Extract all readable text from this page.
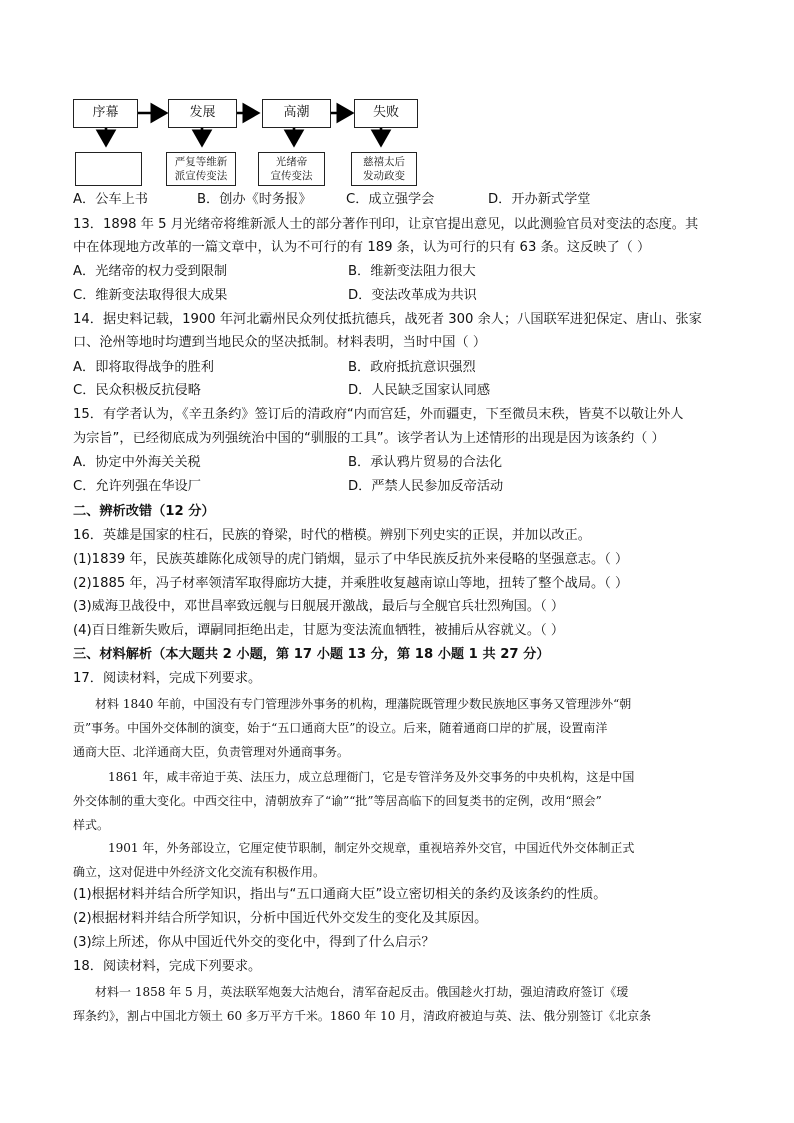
序幕	发展	高潮	失败
严复等维新
派宣传变法
光绪帝
宣传变法
慈禧太后
发动政变
A．公车上书	B．创办《时务报》	C．成立强学会	D．开办新式学堂
13．1898 年 5 月光绪帝将维新派人士的部分著作刊印，让京官提出意见，以此测验官员对变法的态度。其
中在体现地方改革的一篇文章中，认为不可行的有 189 条，认为可行的只有 63 条。这反映了（ ）
A．光绪帝的权力受到限制	B．维新变法阻力很大
C．维新变法取得很大成果	D．变法改革成为共识
14．据史料记载，1900 年河北霸州民众列仗抵抗德兵，战死者 300 余人；八国联军进犯保定、唐山、张家
口、沧州等地时均遭到当地民众的坚决抵制。材料表明，当时中国（ ）
A．即将取得战争的胜利	B．政府抵抗意识强烈
C．民众积极反抗侵略	D．人民缺乏国家认同感
15．有学者认为，《辛丑条约》签订后的清政府“内而宫廷，外而疆吏，下至微员末秩，皆莫不以敬让外人
为宗旨”，已经彻底成为列强统治中国的“驯服的工具”。该学者认为上述情形的出现是因为该条约（ ）
A．协定中外海关关税	B．承认鸦片贸易的合法化
C．允许列强在华设厂	D．严禁人民参加反帝活动
二、辨析改错（12 分）
16．英雄是国家的柱石，民族的脊梁，时代的楷模。辨别下列史实的正误，并加以改正。
(1)1839 年，民族英雄陈化成领导的虎门销烟，显示了中华民族反抗外来侵略的坚强意志。（ ）
(2)1885 年，冯子材率领清军取得廊坊大捷，并乘胜收复越南谅山等地，扭转了整个战局。（ ）
(3)威海卫战役中，邓世昌率致远舰与日舰展开激战，最后与全舰官兵壮烈殉国。（ ）
(4)百日维新失败后，谭嗣同拒绝出走，甘愿为变法流血牺牲，被捕后从容就义。（ ）
三、材料解析（本大题共 2 小题，第 17 小题 13 分，第 18 小题 1 共 27 分）
17．阅读材料，完成下列要求。
材料 1840 年前，中国没有专门管理涉外事务的机构，理藩院既管理少数民族地区事务又管理涉外“朝
贡”事务。中国外交体制的演变，始于“五口通商大臣”的设立。后来，随着通商口岸的扩展，设置南洋
通商大臣、北洋通商大臣，负责管理对外通商事务。
1861 年，咸丰帝迫于英、法压力，成立总理衙门，它是专管洋务及外交事务的中央机构，这是中国
外交体制的重大变化。中西交往中，清朝放弃了“谕”“批”等居高临下的回复类书的定例，改用“照会”
样式。
1901 年，外务部设立，它厘定使节职制，制定外交规章，重视培养外交官，中国近代外交体制正式
确立，这对促进中外经济文化交流有积极作用。
(1)根据材料并结合所学知识，指出与“五口通商大臣”设立密切相关的条约及该条约的性质。
(2)根据材料并结合所学知识，分析中国近代外交发生的变化及其原因。
(3)综上所述，你从中国近代外交的变化中，得到了什么启示？
18．阅读材料，完成下列要求。
材料一 1858 年 5 月，英法联军炮轰大沽炮台，清军奋起反击。俄国趁火打劫，强迫清政府签订《瑷
珲条约》，割占中国北方领土 60 多万平方千米。1860 年 10 月，清政府被迫与英、法、俄分别签订《北京条
